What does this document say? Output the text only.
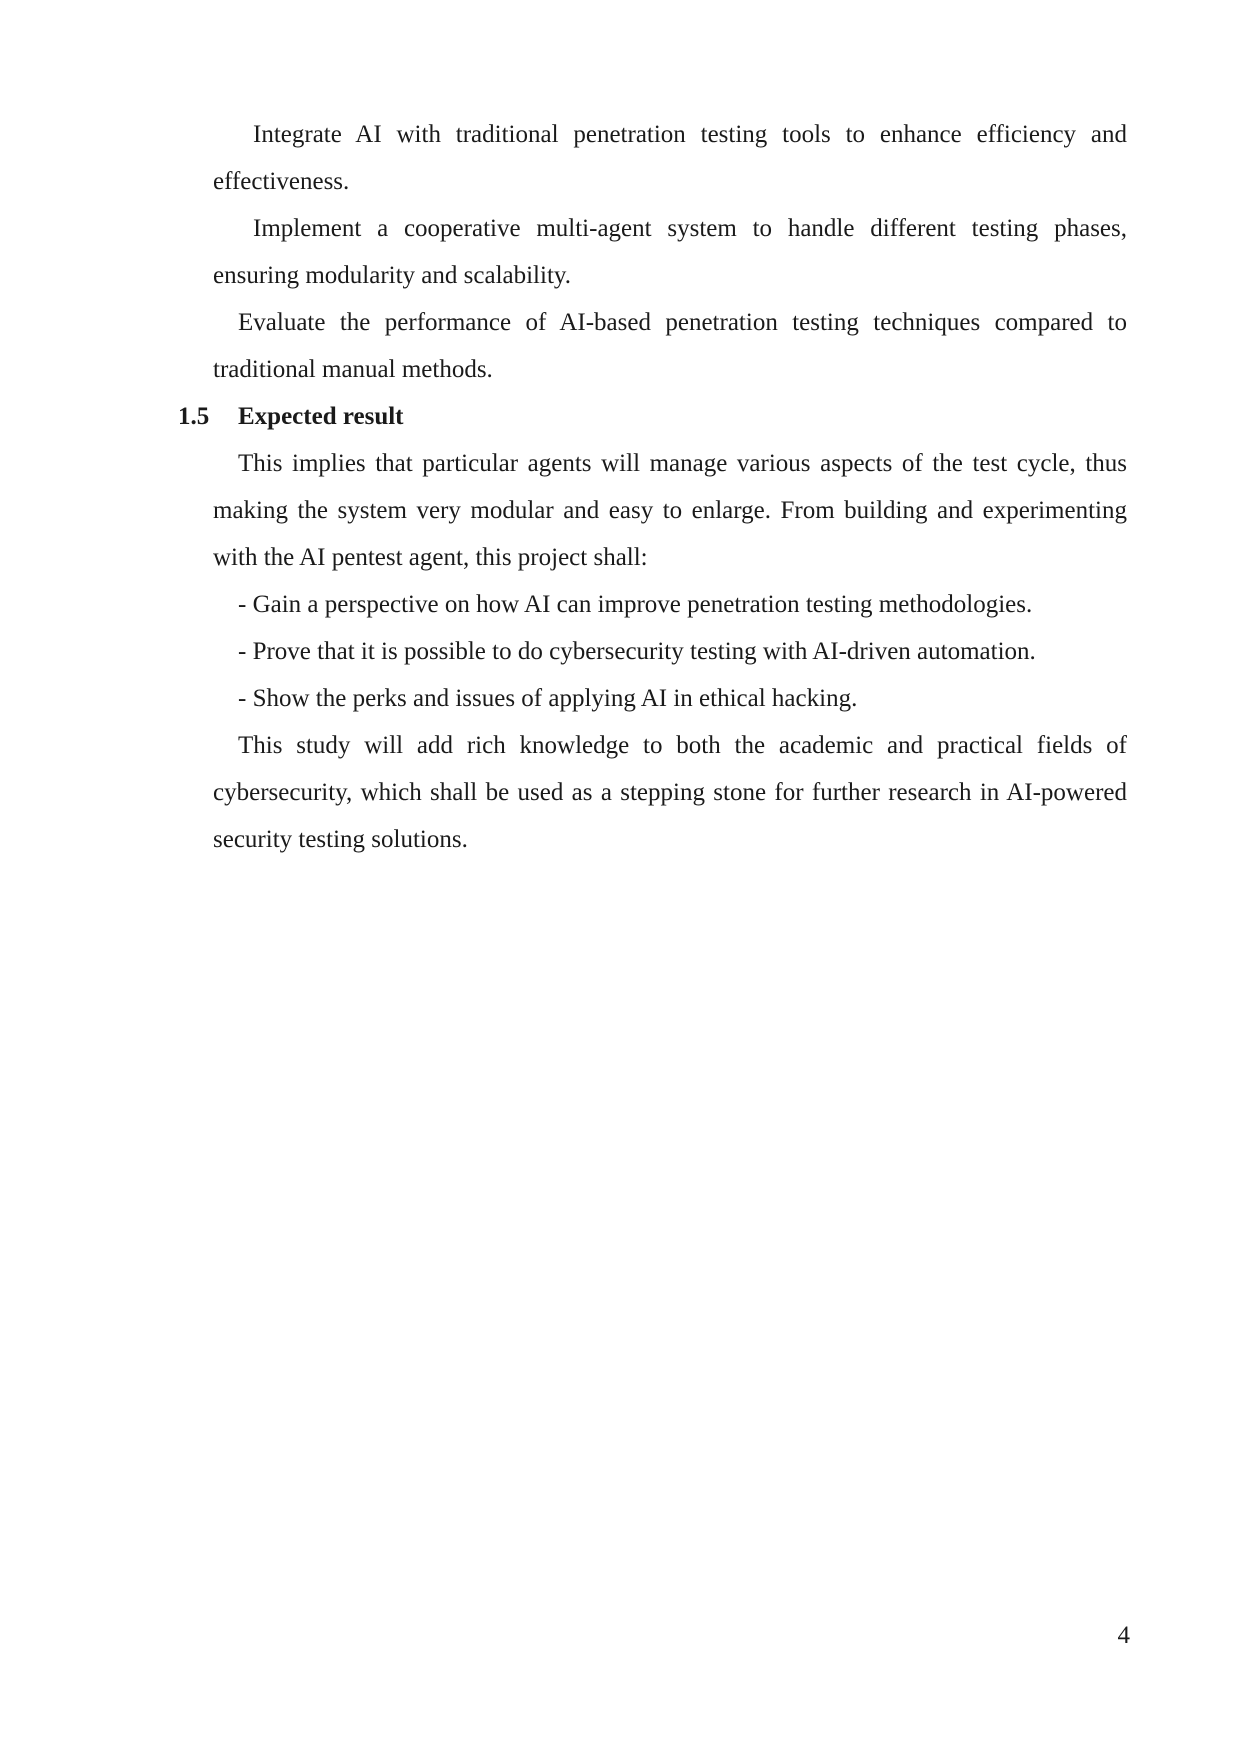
Integrate AI with traditional penetration testing tools to enhance efficiency and effectiveness.

Implement a cooperative multi-agent system to handle different testing phases, ensuring modularity and scalability.

Evaluate the performance of AI-based penetration testing techniques compared to traditional manual methods.

1.5	Expected result

This implies that particular agents will manage various aspects of the test cycle, thus making the system very modular and easy to enlarge. From building and experimenting with the AI pentest agent, this project shall:

- Gain a perspective on how AI can improve penetration testing methodologies.

- Prove that it is possible to do cybersecurity testing with AI-driven automation.

- Show the perks and issues of applying AI in ethical hacking.

This study will add rich knowledge to both the academic and practical fields of cybersecurity, which shall be used as a stepping stone for further research in AI-powered security testing solutions.

4
